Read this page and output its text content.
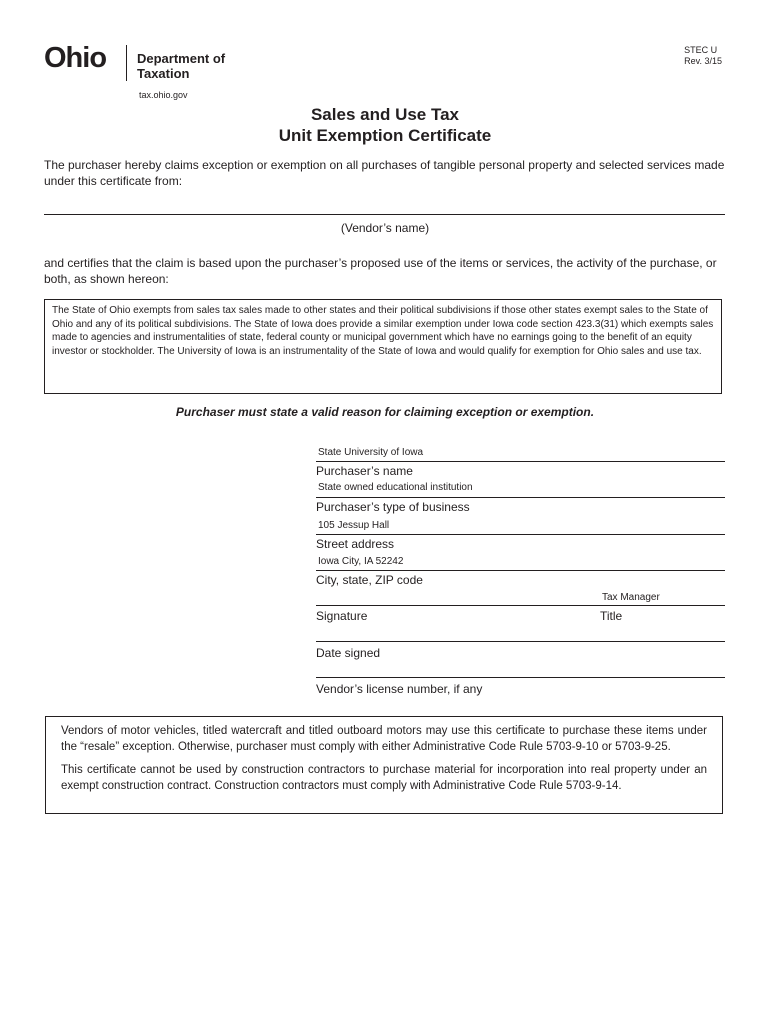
Ohio Department of
Taxation
tax.ohio.gov
STEC U
Rev. 3/15
Sales and Use Tax
Unit Exemption Certificate
The purchaser hereby claims exception or exemption on all purchases of tangible personal property and selected services made under this certificate from:
(Vendor’s name)
and certifies that the claim is based upon the purchaser’s proposed use of the items or services, the activity of the purchase, or both, as shown hereon:
The State of Ohio exempts from sales tax sales made to other states and their political subdivisions if those other states exempt sales to the State of Ohio and any of its political subdivisions. The State of Iowa does provide a similar exemption under Iowa code section 423.3(31) which exempts sales made to agencies and instrumentalities of state, federal county or municipal government which have no earnings going to the benefit of an equity investor or stockholder. The University of Iowa is an instrumentality of the State of Iowa and would qualify for exemption for Ohio sales and use tax.
Purchaser must state a valid reason for claiming exception or exemption.
State University of Iowa
Purchaser’s name
State owned educational institution
Purchaser’s type of business
105 Jessup Hall
Street address
Iowa City, IA 52242
City, state, ZIP code
Tax Manager
Signature	Title
Date signed
Vendor’s license number, if any

Vendors of motor vehicles, titled watercraft and titled outboard motors may use this certificate to purchase these items under the “resale” exception. Otherwise, purchaser must comply with either Administrative Code Rule 5703-9-10 or 5703-9-25.

This certificate cannot be used by construction contractors to purchase material for incorporation into real property under an exempt construction contract. Construction contractors must comply with Administrative Code Rule 5703-9-14.
